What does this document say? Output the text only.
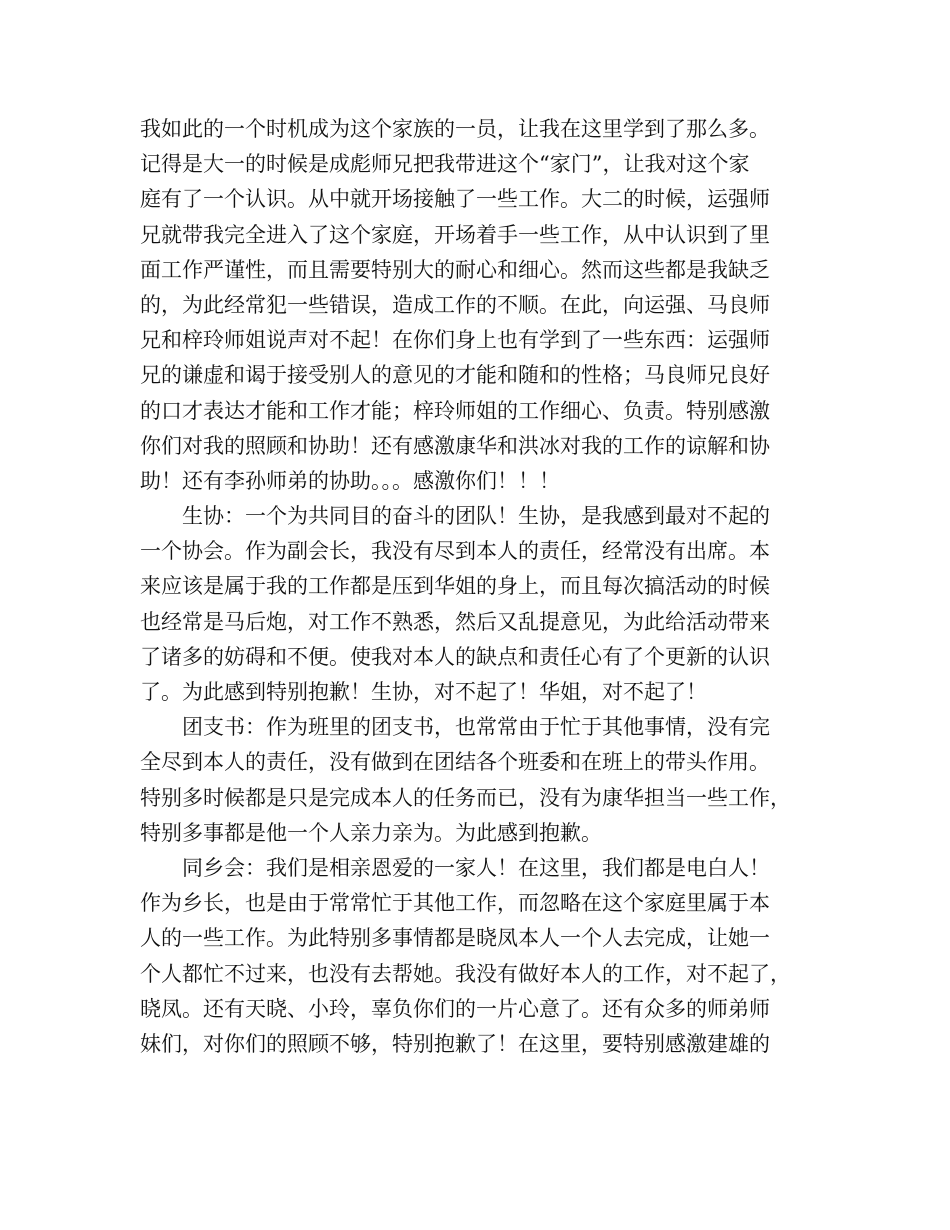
我如此的一个时机成为这个家族的一员，让我在这里学到了那么多。
记得是大一的时候是成彪师兄把我带进这个“家门”，让我对这个家
庭有了一个认识。从中就开场接触了一些工作。大二的时候，运强师
兄就带我完全进入了这个家庭，开场着手一些工作，从中认识到了里
面工作严谨性，而且需要特别大的耐心和细心。然而这些都是我缺乏
的，为此经常犯一些错误，造成工作的不顺。在此，向运强、马良师
兄和梓玲师姐说声对不起！在你们身上也有学到了一些东西：运强师
兄的谦虚和谒于接受别人的意见的才能和随和的性格；马良师兄良好
的口才表达才能和工作才能；梓玲师姐的工作细心、负责。特别感激
你们对我的照顾和协助！还有感激康华和洪冰对我的工作的谅解和协
助！还有李孙师弟的协助。。。感激你们！！！
生协：一个为共同目的奋斗的团队！生协，是我感到最对不起的
一个协会。作为副会长，我没有尽到本人的责任，经常没有出席。本
来应该是属于我的工作都是压到华姐的身上，而且每次搞活动的时候
也经常是马后炮，对工作不熟悉，然后又乱提意见，为此给活动带来
了诸多的妨碍和不便。使我对本人的缺点和责任心有了个更新的认识
了。为此感到特别抱歉！生协，对不起了！华姐，对不起了！
团支书：作为班里的团支书，也常常由于忙于其他事情，没有完
全尽到本人的责任，没有做到在团结各个班委和在班上的带头作用。
特别多时候都是只是完成本人的任务而已，没有为康华担当一些工作，
特别多事都是他一个人亲力亲为。为此感到抱歉。
同乡会：我们是相亲恩爱的一家人！在这里，我们都是电白人！
作为乡长，也是由于常常忙于其他工作，而忽略在这个家庭里属于本
人的一些工作。为此特别多事情都是晓凤本人一个人去完成，让她一
个人都忙不过来，也没有去帮她。我没有做好本人的工作，对不起了，
晓凤。还有天晓、小玲，辜负你们的一片心意了。还有众多的师弟师
妹们，对你们的照顾不够，特别抱歉了！在这里，要特别感激建雄的
